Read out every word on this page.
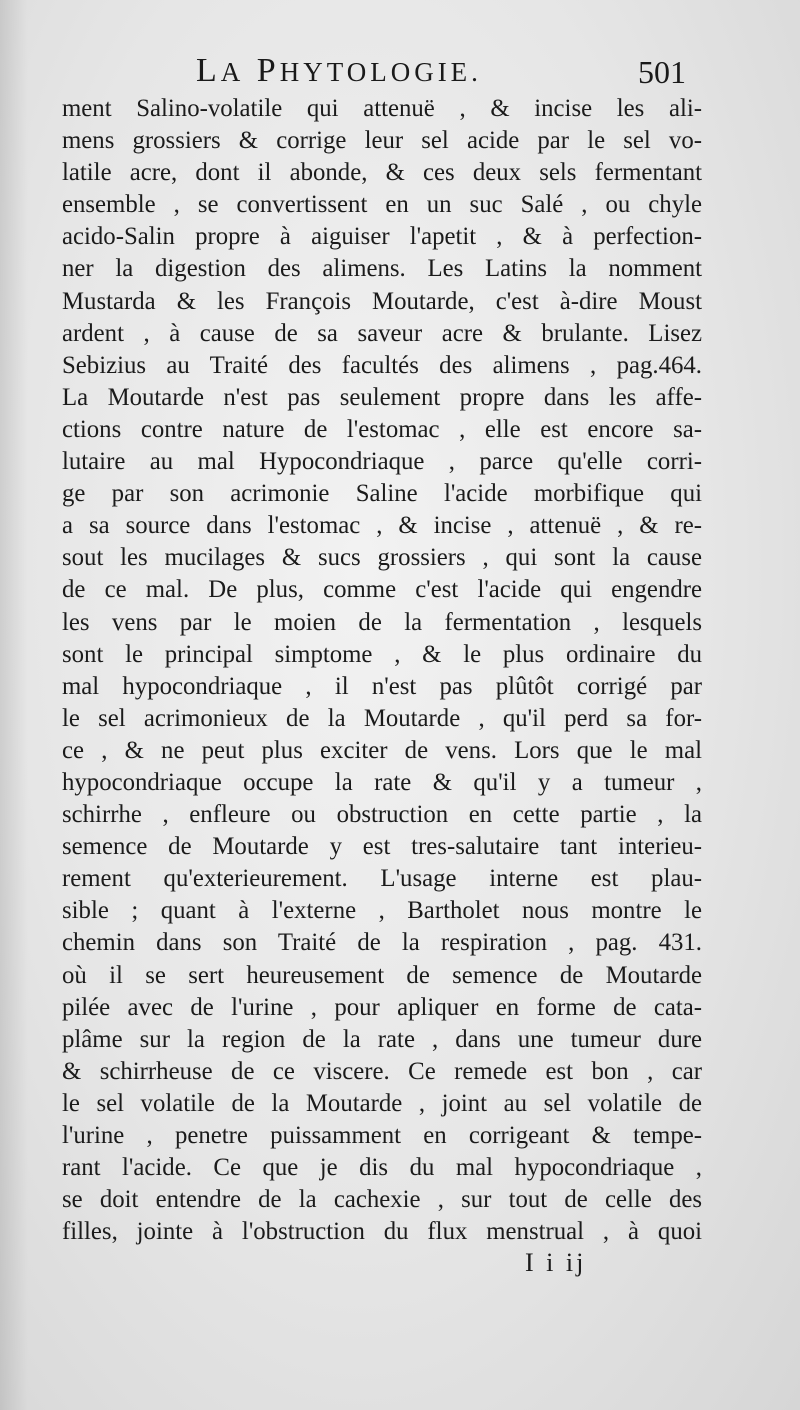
LA PHYTOLOGIE.	501
ment Salino-volatile qui attenuë , & incise les ali-
mens grossiers & corrige leur sel acide par le sel vo-
latile acre, dont il abonde, & ces deux sels fermentant
ensemble , se convertissent en un suc Salé , ou chyle
acido-Salin propre à aiguiser l'apetit , & à perfection-
ner la digestion des alimens. Les Latins la nomment
Mustarda & les François Moutarde, c'est à-dire Moust
ardent , à cause de sa saveur acre & brulante. Lisez
Sebizius au Traité des facultés des alimens , pag.464.
La Moutarde n'est pas seulement propre dans les affe-
ctions contre nature de l'estomac , elle est encore sa-
lutaire au mal Hypocondriaque , parce qu'elle corri-
ge par son acrimonie Saline l'acide morbifique qui
a sa source dans l'estomac , & incise , attenuë , & re-
sout les mucilages & sucs grossiers , qui sont la cause
de ce mal. De plus, comme c'est l'acide qui engendre
les vens par le moien de la fermentation , lesquels
sont le principal simptome , & le plus ordinaire du
mal hypocondriaque , il n'est pas plûtôt corrigé par
le sel acrimonieux de la Moutarde , qu'il perd sa for-
ce , & ne peut plus exciter de vens. Lors que le mal
hypocondriaque occupe la rate & qu'il y a tumeur ,
schirrhe , enfleure ou obstruction en cette partie , la
semence de Moutarde y est tres-salutaire tant interieu-
rement qu'exterieurement. L'usage interne est plau-
sible ; quant à l'externe , Bartholet nous montre le
chemin dans son Traité de la respiration , pag. 431.
où il se sert heureusement de semence de Moutarde
pilée avec de l'urine , pour apliquer en forme de cata-
plâme sur la region de la rate , dans une tumeur dure
& schirrheuse de ce viscere. Ce remede est bon , car
le sel volatile de la Moutarde , joint au sel volatile de
l'urine , penetre puissamment en corrigeant & tempe-
rant l'acide. Ce que je dis du mal hypocondriaque ,
se doit entendre de la cachexie , sur tout de celle des
filles, jointe à l'obstruction du flux menstrual , à quoi
I i ij
